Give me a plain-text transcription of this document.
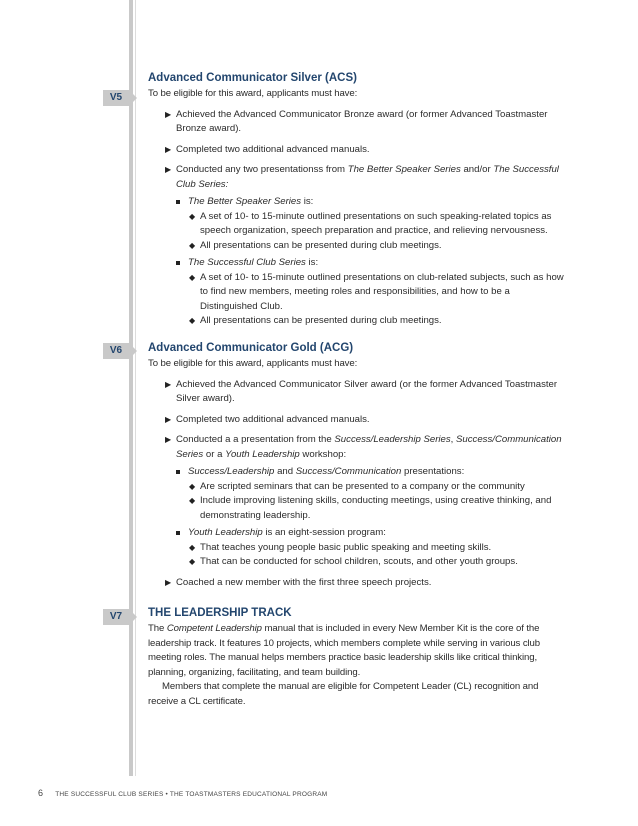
V5
V6
V7
Advanced Communicator Silver (ACS)

To be eligible for this award, applicants must have:

▶ Achieved the Advanced Communicator Bronze award (or former Advanced Toastmaster Bronze award).
▶ Completed two additional advanced manuals.
▶ Conducted any two presentationss from The Better Speaker Series and/or The Successful Club Series:
The Better Speaker Series is:
◆ A set of 10- to 15-minute outlined presentations on such speaking-related topics as speech organization, speech preparation and practice, and relieving nervousness.
◆ All presentations can be presented during club meetings.
The Successful Club Series is:
◆ A set of 10- to 15-minute outlined presentations on club-related subjects, such as how to find new members, meeting roles and responsibilities, and how to be a Distinguished Club.
◆ All presentations can be presented during club meetings.
Advanced Communicator Gold (ACG)

To be eligible for this award, applicants must have:

▶ Achieved the Advanced Communicator Silver award (or the former Advanced Toastmaster Silver award).
▶ Completed two additional advanced manuals.
▶ Conducted a a presentation from the Success/Leadership Series, Success/Communication Series or a Youth Leadership workshop:
Success/Leadership and Success/Communication presentations:
◆ Are scripted seminars that can be presented to a company or the community
◆ Include improving listening skills, conducting meetings, using creative thinking, and demonstrating leadership.
Youth Leadership is an eight-session program:
◆ That teaches young people basic public speaking and meeting skills.
◆ That can be conducted for school children, scouts, and other youth groups.
▶ Coached a new member with the first three speech projects.
THE LEADERSHIP TRACK

The Competent Leadership manual that is included in every New Member Kit is the core of the leadership track. It features 10 projects, which members complete while serving in various club meeting roles. The manual helps members practice basic leadership skills like critical thinking, planning, organizing, facilitating, and team building.

Members that complete the manual are eligible for Competent Leader (CL) recognition and receive a CL certificate.

6 THE SUCCESSFUL CLUB SERIES • THE TOASTMASTERS EDUCATIONAL PROGRAM
